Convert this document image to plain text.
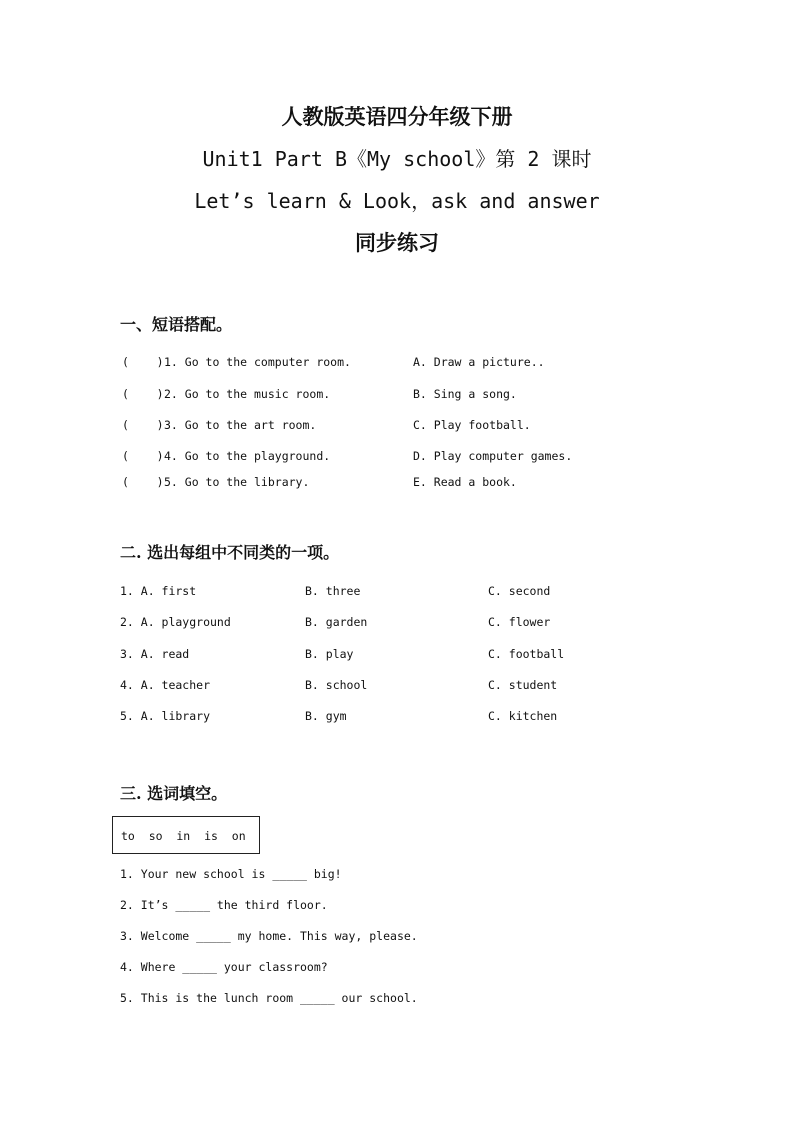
人教版英语四分年级下册
Unit1 Part B《My school》第 2 课时
Let’s learn & Look，ask and answer
同步练习
一、短语搭配。
(    ) 1. Go to the computer room.	A. Draw a picture..
(    ) 2. Go to the music room.	B. Sing a song.
(    ) 3. Go to the art room.	C. Play football.
(    ) 4. Go to the playground.	D. Play computer games.
(    ) 5. Go to the library.	E. Read a book.
二. 选出每组中不同类的一项。
1. A. first	B. three	C. second
2. A. playground	B. garden	C. flower
3. A. read	B. play	C. football
4. A. teacher	B. school	C. student
5. A. library	B. gym	C. kitchen
三. 选词填空。
to  so  in  is  on
1. Your new school is _____ big!
2. It’s _____ the third floor.
3. Welcome _____ my home. This way, please.
4. Where _____ your classroom?
5. This is the lunch room _____ our school.
